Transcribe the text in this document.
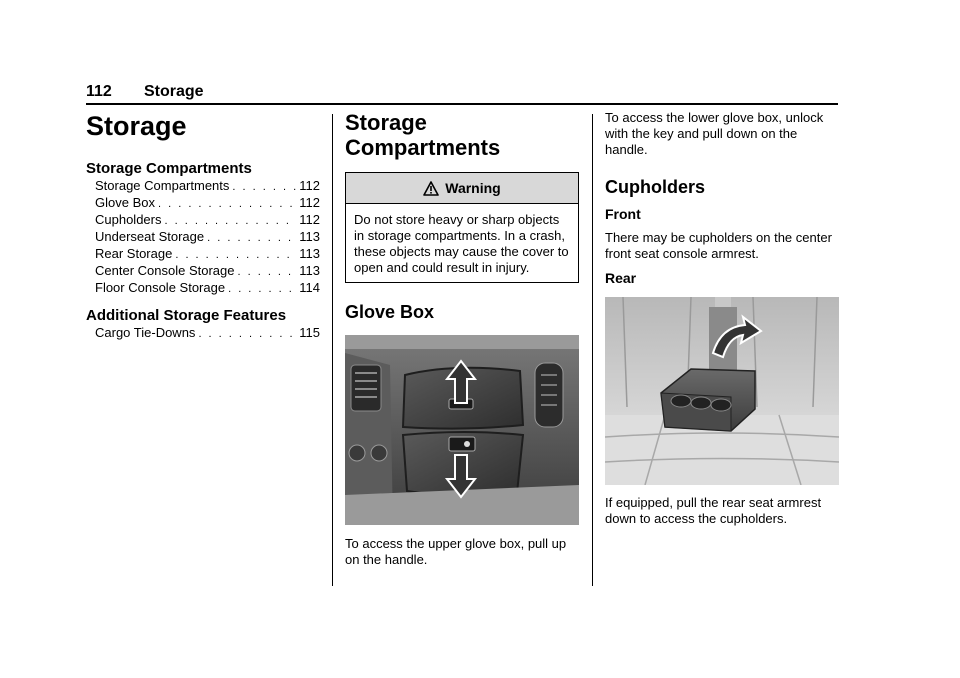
112 Storage
Storage
Storage Compartments
Storage Compartments . . .	112
Glove Box . . .	112
Cupholders . . .	112
Underseat Storage . . .	113
Rear Storage . . .	113
Center Console Storage . . .	113
Floor Console Storage . . .	114
Additional Storage Features
Cargo Tie-Downs . . .	115
Storage
Compartments
Warning
Do not store heavy or sharp objects in storage compartments. In a crash, these objects may cause the cover to open and could result in injury.
Glove Box

To access the upper glove box, pull up on the handle.

To access the lower glove box, unlock with the key and pull down on the handle.

Cupholders
Front

There may be cupholders on the center front seat console armrest.

Rear

If equipped, pull the rear seat armrest down to access the cupholders.
